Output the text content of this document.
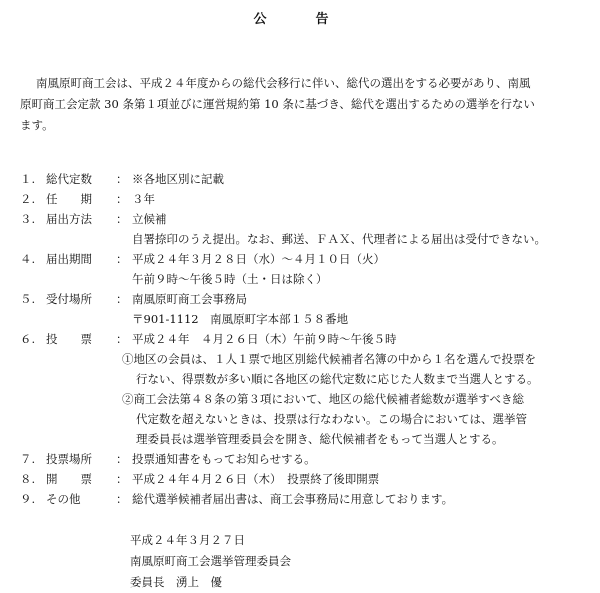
公　告

南風原町商工会は、平成２４年度からの総代会移行に伴い、総代の選出をする必要があり、南風

原町商工会定款 30 条第１項並びに運営規約第 10 条に基づき、総代を選出するための選挙を行ない

ます。

１. 総代定数	： ※各地区別に記載
２. 任　　期	： ３年
３. 届出方法	： 立候補
自署捺印のうえ提出。なお、郵送、ＦＡＸ、代理者による届出は受付できない。
４. 届出期間	： 平成２４年３月２８日（水）～４月１０日（火）
午前９時～午後５時（土・日は除く）
５. 受付場所	： 南風原町商工会事務局
〒901-1112　南風原町字本部１５８番地
６. 投　　票	： 平成２４年　４月２６日（木）午前９時～午後５時
①地区の会員は、１人１票で地区別総代候補者名簿の中から１名を選んで投票を
行ない、得票数が多い順に各地区の総代定数に応じた人数まで当選人とする。
②商工会法第４８条の第３項において、地区の総代候補者総数が選挙すべき総
代定数を超えないときは、投票は行なわない。この場合においては、選挙管
理委員長は選挙管理委員会を開き、総代候補者をもって当選人とする。
７. 投票場所	： 投票通知書をもってお知らせする。
８. 開　　票	： 平成２４年４月２６日（木）　投票終了後即開票
９. その他	： 総代選挙候補者届出書は、商工会事務局に用意しております。
平成２４年３月２７日
南風原町商工会選挙管理委員会
委員長　湧上　優
